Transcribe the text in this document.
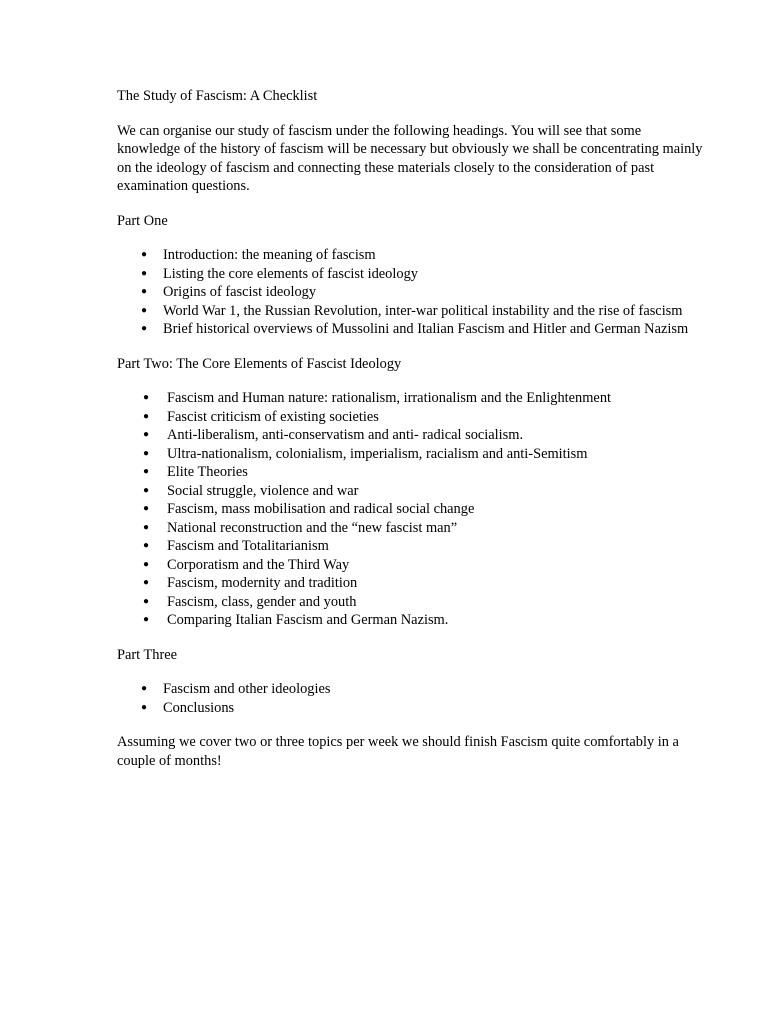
The Study of Fascism: A Checklist

We can organise our study of fascism under the following headings. You will see that some knowledge of the history of fascism will be necessary but obviously we shall be concentrating mainly on the ideology of fascism and connecting these materials closely to the consideration of past examination questions.

Part One

● Introduction: the meaning of fascism
● Listing the core elements of fascist ideology
● Origins of fascist ideology
● World War 1, the Russian Revolution, inter-war political instability and the rise of fascism
● Brief historical overviews of Mussolini and Italian Fascism and Hitler and German Nazism

Part Two: The Core Elements of Fascist Ideology

● Fascism and Human nature: rationalism, irrationalism and the Enlightenment
● Fascist criticism of existing societies
● Anti-liberalism, anti-conservatism and anti- radical socialism.
● Ultra-nationalism, colonialism, imperialism, racialism and anti-Semitism
● Elite Theories
● Social struggle, violence and war
● Fascism, mass mobilisation and radical social change
● National reconstruction and the “new fascist man”
● Fascism and Totalitarianism
● Corporatism and the Third Way
● Fascism, modernity and tradition
● Fascism, class, gender and youth
● Comparing Italian Fascism and German Nazism.

Part Three

● Fascism and other ideologies
● Conclusions

Assuming we cover two or three topics per week we should finish Fascism quite comfortably in a couple of months!
